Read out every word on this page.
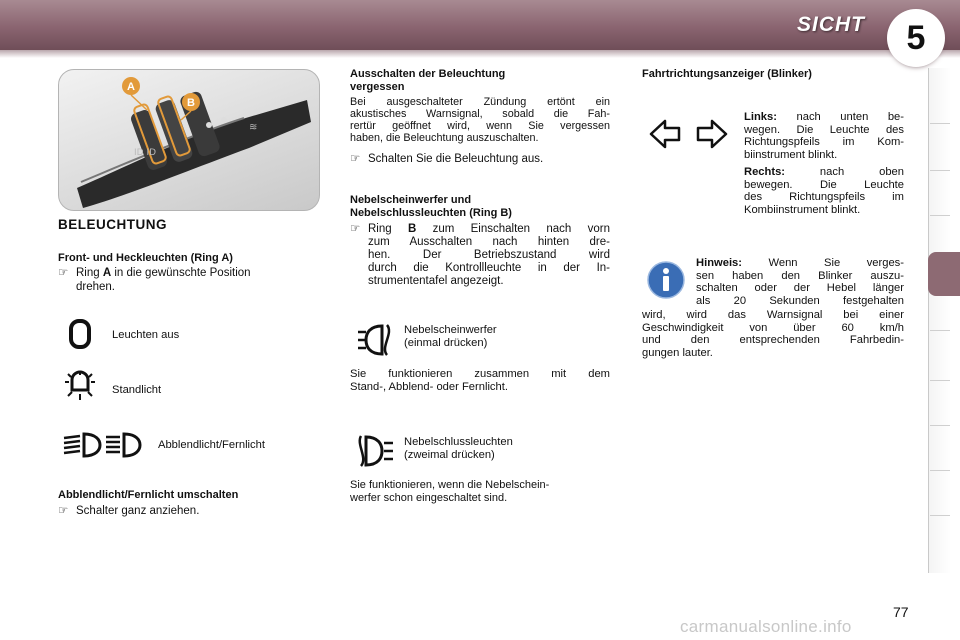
SICHT 5
ID ID
≋
A
B
BELEUCHTUNG
Front- und Heckleuchten (Ring A)
☞ Ring A in die gewünschte Position
drehen.
Leuchten aus
Standlicht
Abblendlicht/Fernlicht
Abblendlicht/Fernlicht umschalten
☞ Schalter ganz anziehen.
Ausschalten der Beleuchtung
vergessen
Bei ausgeschalteter Zündung ertönt ein
akustisches Warnsignal, sobald die Fah-
rertür geöffnet wird, wenn Sie vergessen
haben, die Beleuchtung auszuschalten.
☞ Schalten Sie die Beleuchtung aus.
Nebelscheinwerfer und
Nebelschlussleuchten (Ring B)
☞ Ring B zum Einschalten nach vorn
zum Ausschalten nach hinten dre-
hen. Der Betriebszustand wird
durch die Kontrollleuchte in der In-
strumententafel angezeigt.
Nebelscheinwerfer
(einmal drücken)
Sie funktionieren zusammen mit dem
Stand-, Abblend- oder Fernlicht.
Nebelschlussleuchten
(zweimal drücken)
Sie funktionieren, wenn die Nebelschein-
werfer schon eingeschaltet sind.
Fahrtrichtungsanzeiger (Blinker)
Links: nach unten be-
wegen. Die Leuchte des
Richtungspfeils im Kom-
biinstrument blinkt.
Rechts: nach oben
bewegen. Die Leuchte
des Richtungspfeils im
Kombiinstrument blinkt.
Hinweis: Wenn Sie verges-
sen haben den Blinker auszu-
schalten oder der Hebel länger
als 20 Sekunden festgehalten
wird, wird das Warnsignal bei einer
Geschwindigkeit von über 60 km/h
und den entsprechenden Fahrbedin-
gungen lauter.
77
carmanualsonline.info
